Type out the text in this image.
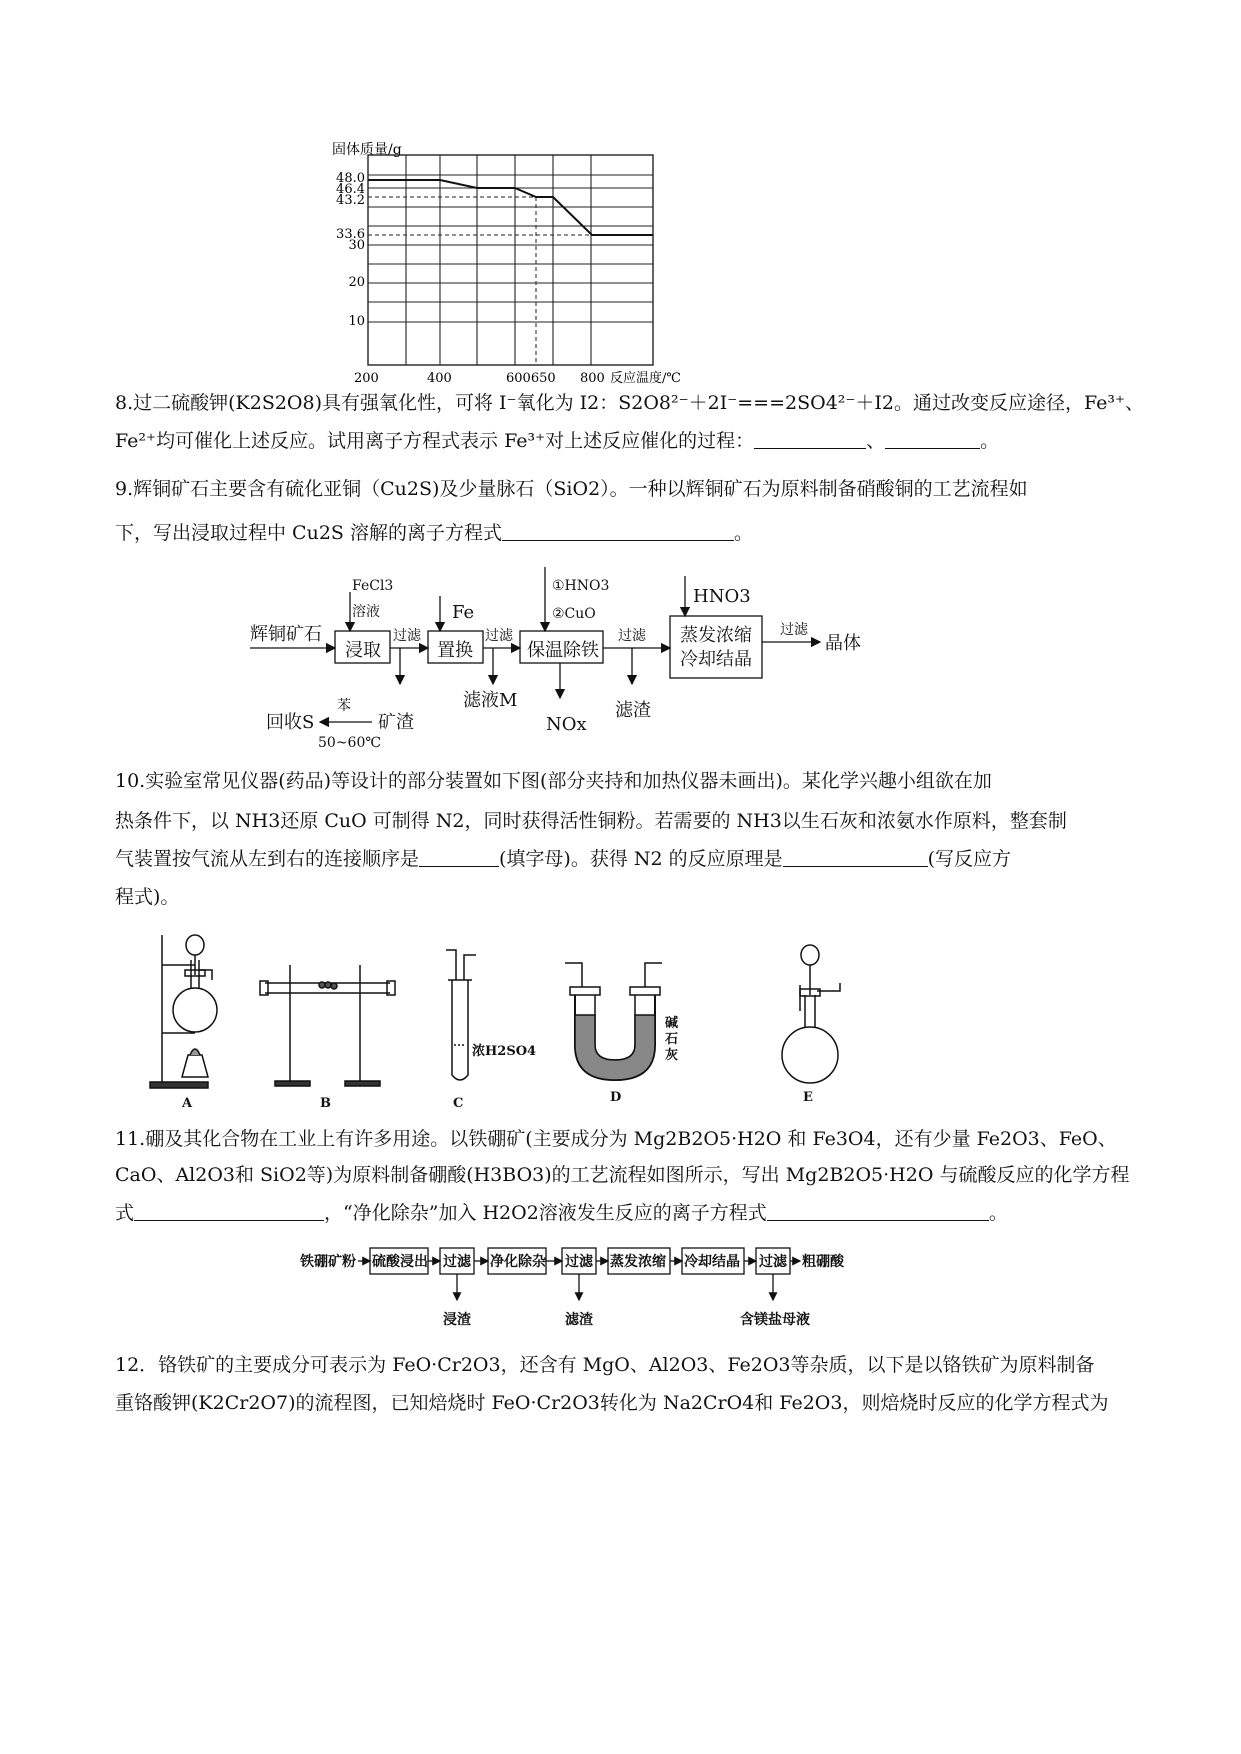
固体质量/g
48.0
46.4
43.2
33.6
30
20
10
200	400	600650 800 反应温度/℃
8.过二硫酸钾(K2S2O8)具有强氧化性，可将 I⁻氧化为 I2：S2O8²⁻＋2I⁻===2SO4²⁻＋I2。通过改变反应途径，Fe³⁺、
Fe²⁺均可催化上述反应。试用离子方程式表示 Fe³⁺对上述反应催化的过程：	、	。
9.辉铜矿石主要含有硫化亚铜（Cu2S)及少量脉石（SiO2）。一种以辉铜矿石为原料制备硝酸铜的工艺流程如
下，写出浸取过程中 Cu2S 溶解的离子方程式	。
辉铜矿石
浸取	置换	保温除铁
蒸发浓缩
冷却结晶
晶体
HNO3
Fe
回收S	矿渣
滤液M
NOx
滤渣
FeCl3
溶液
①HNO3
②CuO
过滤	过滤	过滤	过滤
苯
50~60℃
10.实验室常见仪器(药品)等设计的部分装置如下图(部分夹持和加热仪器未画出)。某化学兴趣小组欲在加
热条件下，以 NH3还原 CuO 可制得 N2，同时获得活性铜粉。若需要的 NH3以生石灰和浓氨水作原料，整套制
气装置按气流从左到右的连接顺序是	(填字母)。获得 N2 的反应原理是	(写反应方
程式)。
A	B	C	D	E
浓H2SO4
碱
石
灰
11.硼及其化合物在工业上有许多用途。以铁硼矿(主要成分为 Mg2B2O5·H2O 和 Fe3O4，还有少量 Fe2O3、FeO、
CaO、Al2O3和 SiO2等)为原料制备硼酸(H3BO3)的工艺流程如图所示，写出 Mg2B2O5·H2O 与硫酸反应的化学方程
式	，“净化除杂”加入 H2O2溶液发生反应的离子方程式	。
铁硼矿粉 硫酸浸出 过滤 净化除杂 过滤 蒸发浓缩 冷却结晶 过滤 粗硼酸
浸渣	滤渣	含镁盐母液
12．铬铁矿的主要成分可表示为 FeO·Cr2O3，还含有 MgO、Al2O3、Fe2O3等杂质，以下是以铬铁矿为原料制备
重铬酸钾(K2Cr2O7)的流程图，已知焙烧时 FeO·Cr2O3转化为 Na2CrO4和 Fe2O3，则焙烧时反应的化学方程式为
